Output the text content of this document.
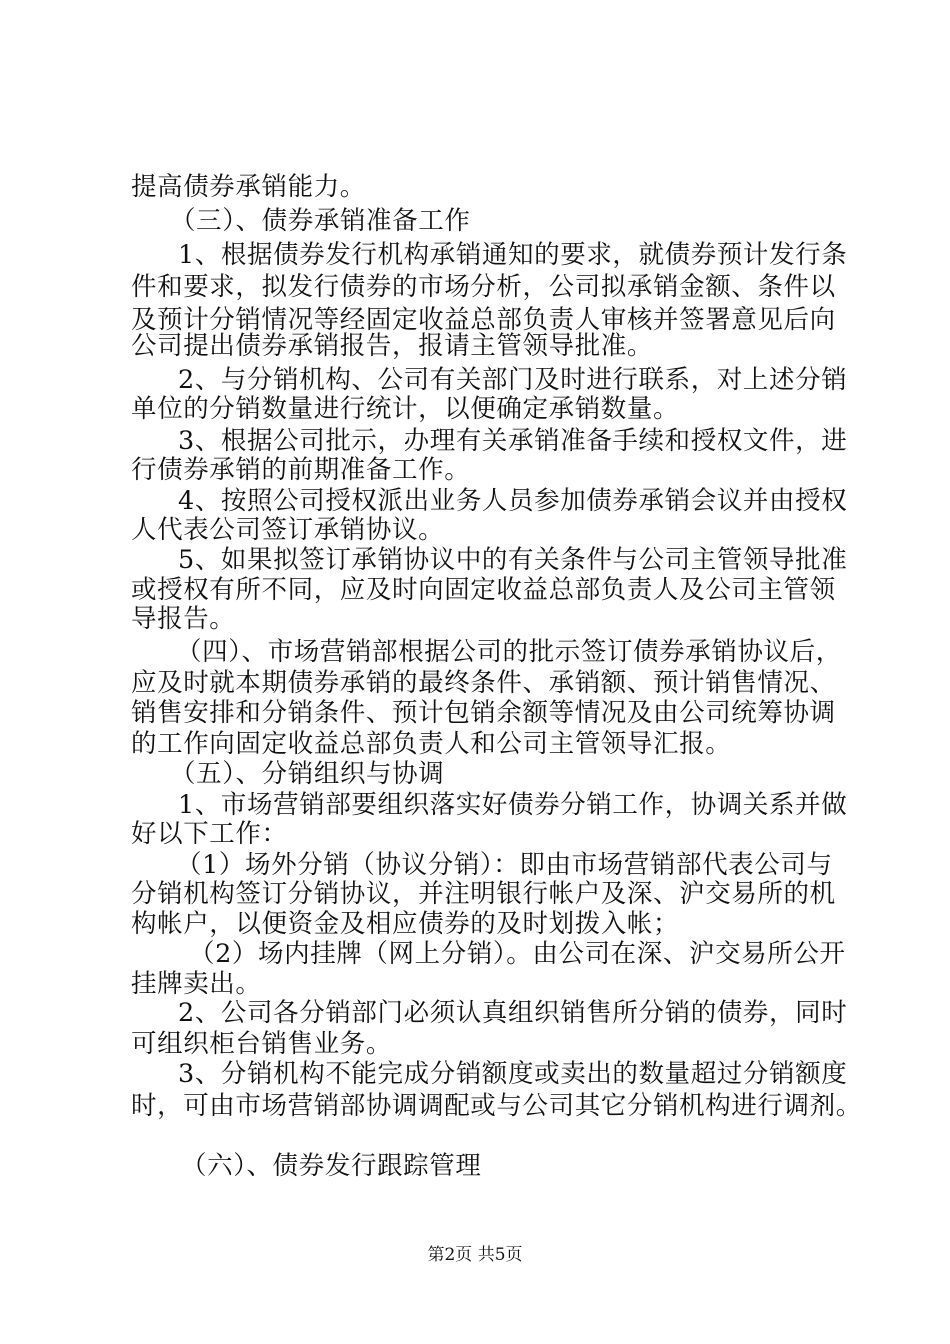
提高债券承销能力。
（三）、债券承销准备工作
1、根据债券发行机构承销通知的要求，就债券预计发行条
件和要求，拟发行债券的市场分析，公司拟承销金额、条件以
及预计分销情况等经固定收益总部负责人审核并签署意见后向
公司提出债券承销报告，报请主管领导批准。
2、与分销机构、公司有关部门及时进行联系，对上述分销
单位的分销数量进行统计，以便确定承销数量。
3、根据公司批示，办理有关承销准备手续和授权文件，进
行债券承销的前期准备工作。
4、按照公司授权派出业务人员参加债券承销会议并由授权
人代表公司签订承销协议。
5、如果拟签订承销协议中的有关条件与公司主管领导批准
或授权有所不同，应及时向固定收益总部负责人及公司主管领
导报告。
（四）、市场营销部根据公司的批示签订债券承销协议后，
应及时就本期债券承销的最终条件、承销额、预计销售情况、
销售安排和分销条件、预计包销余额等情况及由公司统筹协调
的工作向固定收益总部负责人和公司主管领导汇报。
（五）、分销组织与协调
1、市场营销部要组织落实好债券分销工作，协调关系并做
好以下工作：
（1）场外分销（协议分销）：即由市场营销部代表公司与
分销机构签订分销协议，并注明银行帐户及深、沪交易所的机
构帐户，以便资金及相应债券的及时划拨入帐；
（2）场内挂牌（网上分销）。由公司在深、沪交易所公开
挂牌卖出。
2、公司各分销部门必须认真组织销售所分销的债券，同时
可组织柜台销售业务。
3、分销机构不能完成分销额度或卖出的数量超过分销额度
时，可由市场营销部协调调配或与公司其它分销机构进行调剂。
（六）、债券发行跟踪管理
第2页 共5页
